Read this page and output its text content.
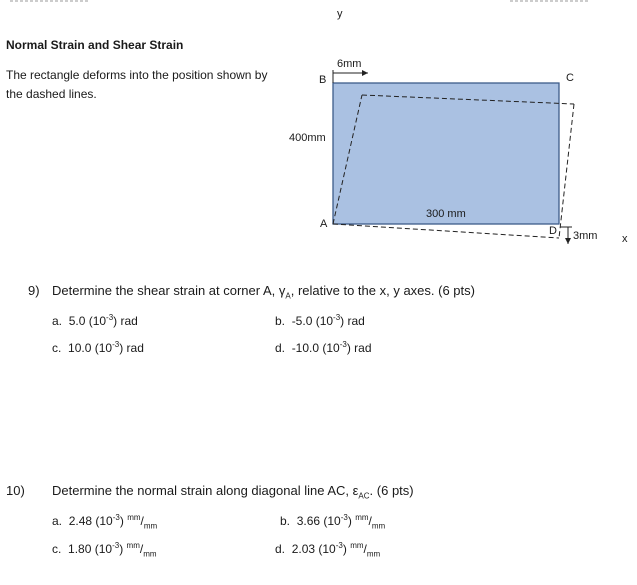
Normal Strain and Shear Strain
The rectangle deforms into the position shown by the dashed lines.
y
x
B	C
A
D
6mm
400mm
300 mm
3mm
9) Determine the shear strain at corner A, $\gamma_A$, relative to the x, y axes. (6 pts)
a. 5.0 $(10^{-3})$ rad	b. -5.0 $(10^{-3})$ rad
c. 10.0 $(10^{-3})$ rad	d. -10.0 $(10^{-3})$ rad
10) Determine the normal strain along diagonal line AC, $\varepsilon_{AC}$. (6 pts)
a. 2.48 $(10^{-3})$ $^{mm}/_{mm}$	b. 3.66 $(10^{-3})$ $^{mm}/_{mm}$
c. 1.80 $(10^{-3})$ $^{mm}/_{mm}$	d. 2.03 $(10^{-3})$ $^{mm}/_{mm}$
